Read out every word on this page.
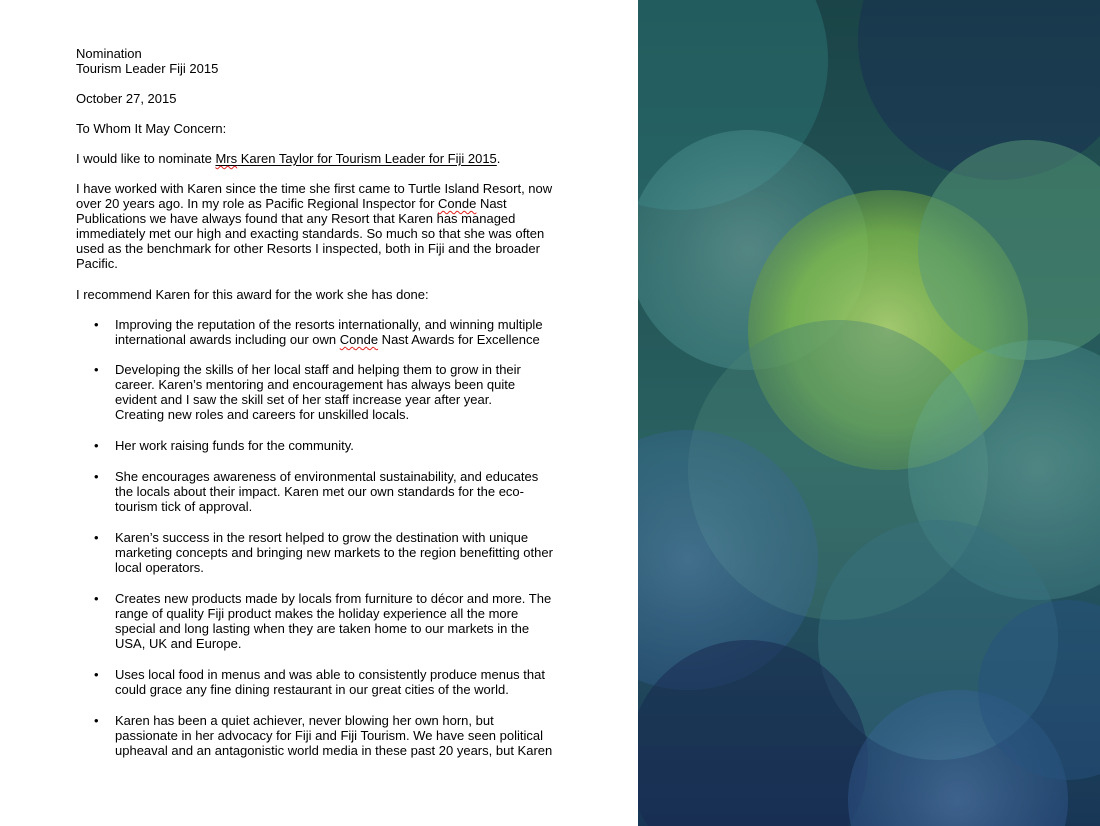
Nomination

Tourism Leader Fiji 2015

October 27, 2015

To Whom It May Concern:

I would like to nominate Mrs Karen Taylor for Tourism Leader for Fiji 2015.

I have worked with Karen since the time she first came to Turtle Island Resort, now

over 20 years ago. In my role as Pacific Regional Inspector for Conde Nast

Publications we have always found that any Resort that Karen has managed

immediately met our high and exacting standards. So much so that she was often

used as the benchmark for other Resorts I inspected, both in Fiji and the broader

Pacific.

I recommend Karen for this award for the work she has done:

• Improving the reputation of the resorts internationally, and winning multiple

international awards including our own Conde Nast Awards for Excellence

• Developing the skills of her local staff and helping them to grow in their

career. Karen’s mentoring and encouragement has always been quite

evident and I saw the skill set of her staff increase year after year.

Creating new roles and careers for unskilled locals.

• Her work raising funds for the community.

• She encourages awareness of environmental sustainability, and educates

the locals about their impact. Karen met our own standards for the eco-

tourism tick of approval.

• Karen’s success in the resort helped to grow the destination with unique

marketing concepts and bringing new markets to the region benefitting other

local operators.

• Creates new products made by locals from furniture to décor and more. The

range of quality Fiji product makes the holiday experience all the more

special and long lasting when they are taken home to our markets in the

USA, UK and Europe.

• Uses local food in menus and was able to consistently produce menus that

could grace any fine dining restaurant in our great cities of the world.

• Karen has been a quiet achiever, never blowing her own horn, but

passionate in her advocacy for Fiji and Fiji Tourism. We have seen political

upheaval and an antagonistic world media in these past 20 years, but Karen
